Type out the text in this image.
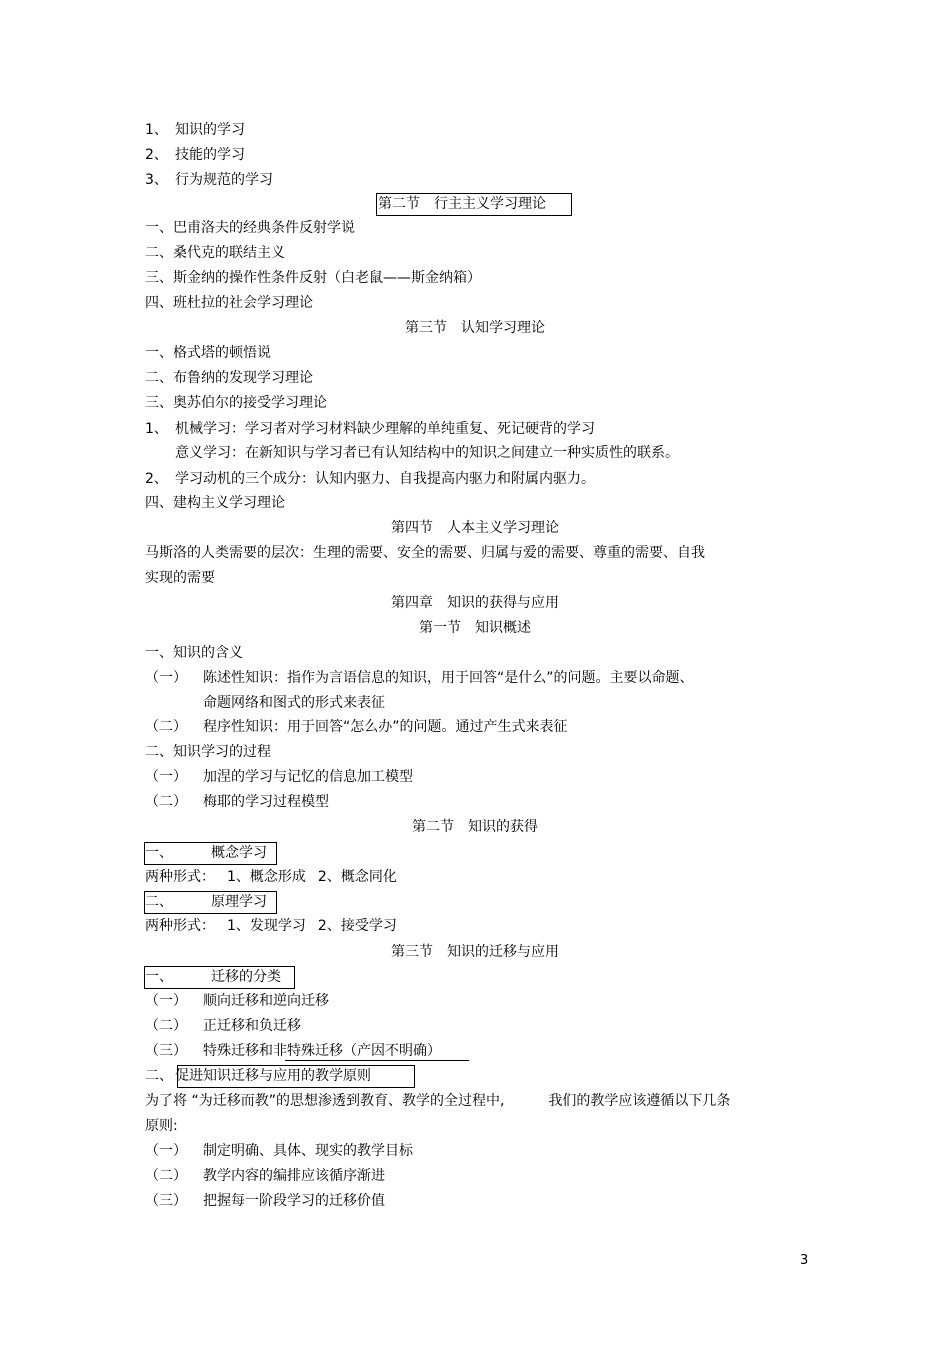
1、 知识的学习
2、 技能的学习
3、 行为规范的学习
第二节　行主主义学习理论
一、巴甫洛夫的经典条件反射学说
二、桑代克的联结主义
三、斯金纳的操作性条件反射（白老鼠——斯金纳箱）
四、班杜拉的社会学习理论
第三节　认知学习理论
一、格式塔的顿悟说
二、布鲁纳的发现学习理论
三、奥苏伯尔的接受学习理论
1、 机械学习：学习者对学习材料缺少理解的单纯重复、死记硬背的学习
意义学习：在新知识与学习者已有认知结构中的知识之间建立一种实质性的联系。
2、 学习动机的三个成分：认知内驱力、自我提高内驱力和附属内驱力。
四、建构主义学习理论
第四节　人本主义学习理论
马斯洛的人类需要的层次：生理的需要、安全的需要、归属与爱的需要、尊重的需要、自我
实现的需要
第四章　知识的获得与应用
第一节　知识概述
一、知识的含义
（一） 陈述性知识：指作为言语信息的知识，用于回答“是什么”的问题。主要以命题、
命题网络和图式的形式来表征
（二） 程序性知识：用于回答“怎么办”的问题。通过产生式来表征
二、知识学习的过程
（一） 加涅的学习与记忆的信息加工模型
（二） 梅耶的学习过程模型
第二节　知识的获得
一、	概念学习
两种形式： 1、概念形成 2、概念同化
二、	原理学习
两种形式： 1、发现学习 2、接受学习
第三节　知识的迁移与应用
一、	迁移的分类
（一） 顺向迁移和逆向迁移
（二） 正迁移和负迁移
（三） 特殊迁移和非特殊迁移（产因不明确）
二、 促进知识迁移与应用的教学原则
为了将 “为迁移而教”的思想渗透到教育、教学的全过程中,	我们的教学应该遵循以下几条
原则:
（一） 制定明确、具体、现实的教学目标
（二） 教学内容的编排应该循序渐进
（三） 把握每一阶段学习的迁移价值
3
